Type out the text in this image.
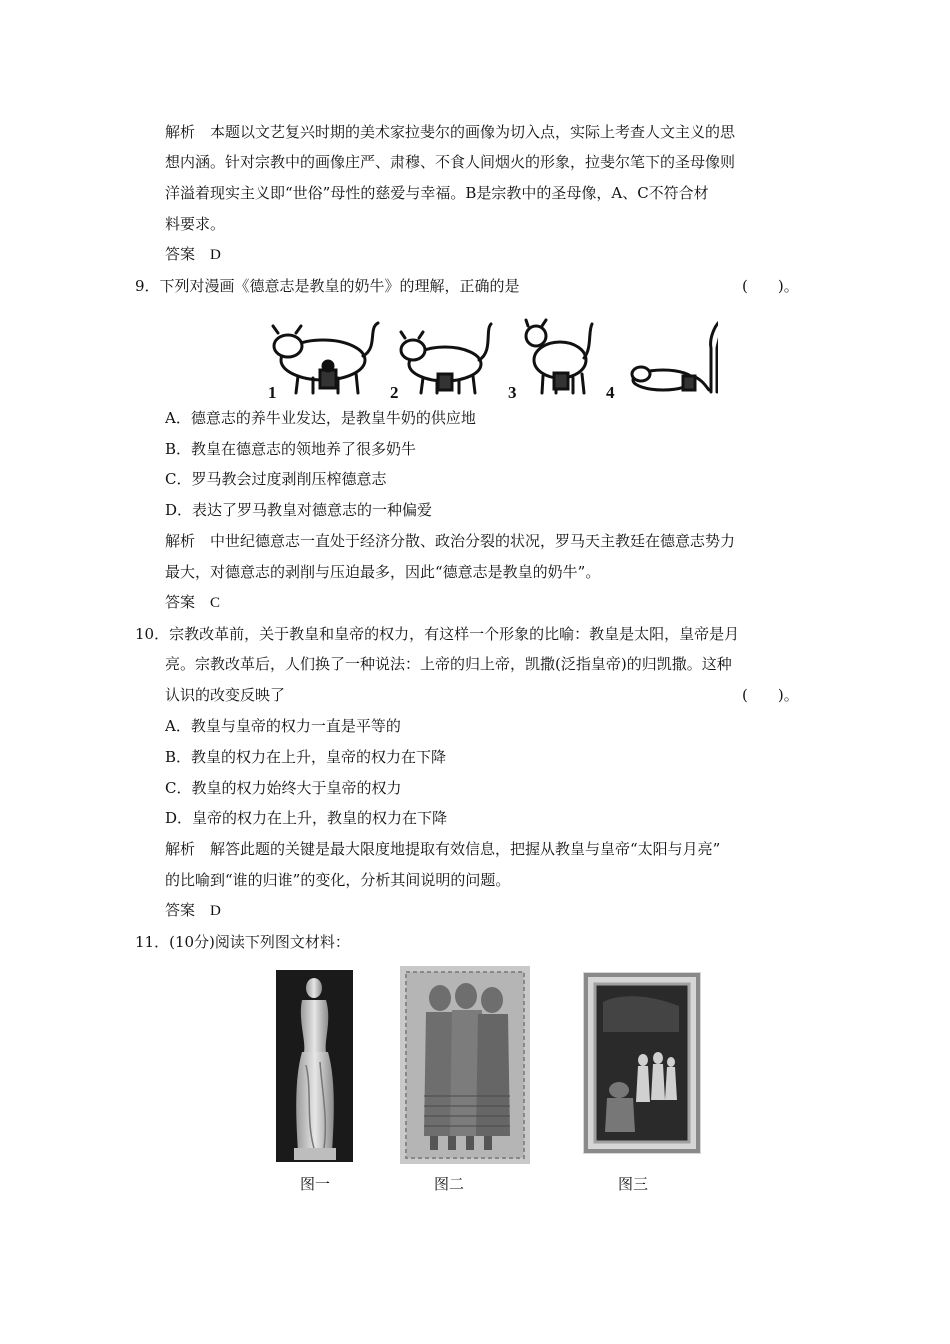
解析　本题以文艺复兴时期的美术家拉斐尔的画像为切入点，实际上考查人文主义的思
想内涵。针对宗教中的画像庄严、肃穆、不食人间烟火的形象，拉斐尔笔下的圣母像则
洋溢着现实主义即“世俗”母性的慈爱与幸福。B是宗教中的圣母像，A、C不符合材
料要求。
答案　D
9．下列对漫画《德意志是教皇的奶牛》的理解，正确的是	(　　)。
1	2	3	4
A．德意志的养牛业发达，是教皇牛奶的供应地
B．教皇在德意志的领地养了很多奶牛
C．罗马教会过度剥削压榨德意志
D．表达了罗马教皇对德意志的一种偏爱
解析　中世纪德意志一直处于经济分散、政治分裂的状况，罗马天主教廷在德意志势力
最大，对德意志的剥削与压迫最多，因此“德意志是教皇的奶牛”。
答案　C
10．宗教改革前，关于教皇和皇帝的权力，有这样一个形象的比喻：教皇是太阳，皇帝是月
亮。宗教改革后，人们换了一种说法：上帝的归上帝，凯撒(泛指皇帝)的归凯撒。这种
认识的改变反映了	(　　)。
A．教皇与皇帝的权力一直是平等的
B．教皇的权力在上升，皇帝的权力在下降
C．教皇的权力始终大于皇帝的权力
D．皇帝的权力在上升，教皇的权力在下降
解析　解答此题的关键是最大限度地提取有效信息，把握从教皇与皇帝“太阳与月亮”
的比喻到“谁的归谁”的变化，分析其间说明的问题。
答案　D
11．(10分)阅读下列图文材料：
图一	图二	图三
